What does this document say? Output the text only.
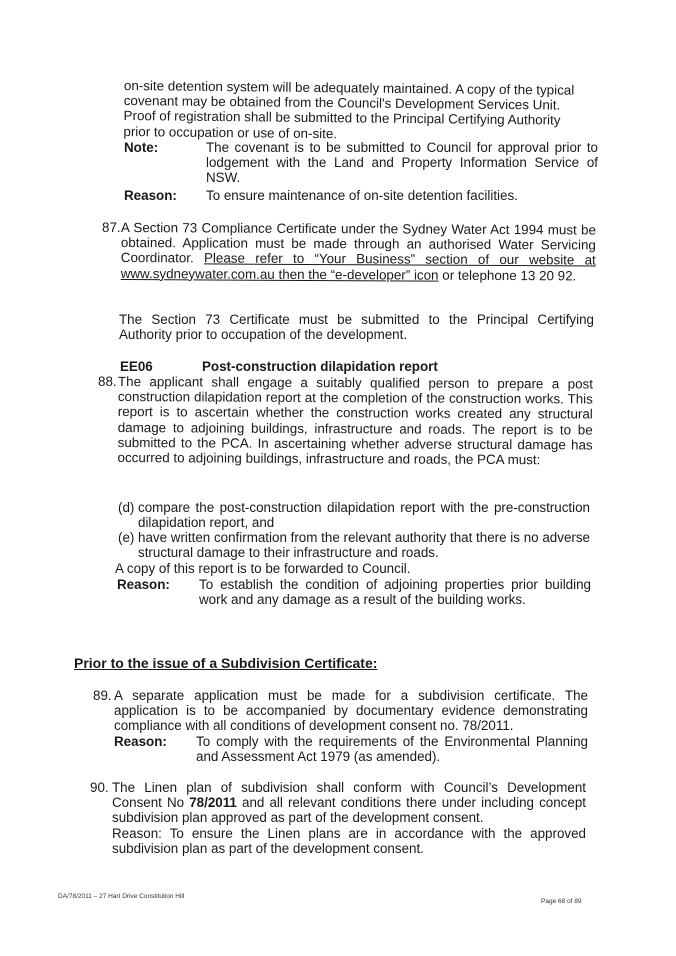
on-site detention system will be adequately maintained. A copy of the typical
covenant may be obtained from the Council's Development Services Unit.
Proof of registration shall be submitted to the Principal Certifying Authority
prior to occupation or use of on-site.
Note:	The covenant is to be submitted to Council for approval prior to lodgement with the Land and Property Information Service of NSW.
Reason: To ensure maintenance of on-site detention facilities.
87. A Section 73 Compliance Certificate under the Sydney Water Act 1994 must be obtained. Application must be made through an authorised Water Servicing Coordinator. Please refer to “Your Business” section of our website at www.sydneywater.com.au then the “e-developer” icon or telephone 13 20 92.
The Section 73 Certificate must be submitted to the Principal Certifying Authority prior to occupation of the development.
EE06	Post-construction dilapidation report
88. The applicant shall engage a suitably qualified person to prepare a post construction dilapidation report at the completion of the construction works. This report is to ascertain whether the construction works created any structural damage to adjoining buildings, infrastructure and roads. The report is to be submitted to the PCA. In ascertaining whether adverse structural damage has occurred to adjoining buildings, infrastructure and roads, the PCA must:
(d) compare the post-construction dilapidation report with the pre-construction dilapidation report, and
(e) have written confirmation from the relevant authority that there is no adverse structural damage to their infrastructure and roads.
A copy of this report is to be forwarded to Council.
Reason: To establish the condition of adjoining properties prior building work and any damage as a result of the building works.
Prior to the issue of a Subdivision Certificate:
89. A separate application must be made for a subdivision certificate. The application is to be accompanied by documentary evidence demonstrating compliance with all conditions of development consent no. 78/2011.
Reason: To comply with the requirements of the Environmental Planning and Assessment Act 1979 (as amended).
90. The Linen plan of subdivision shall conform with Council’s Development Consent No 78/2011 and all relevant conditions there under including concept subdivision plan approved as part of the development consent.
Reason: To ensure the Linen plans are in accordance with the approved subdivision plan as part of the development consent.
DA/78/2011 – 27 Hart Drive Constitution Hill
Page 68 of 89
